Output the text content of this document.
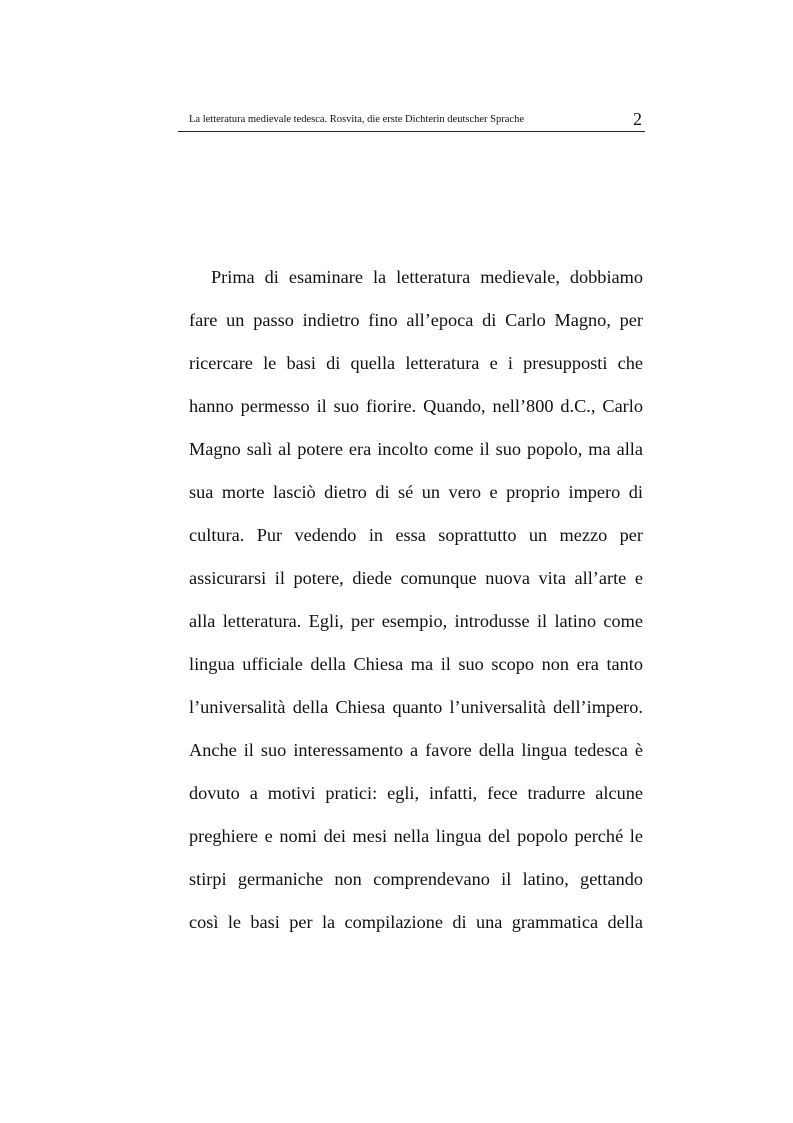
La letteratura medievale tedesca. Rosvita, die erste Dichterin deutscher Sprache	2
Prima di esaminare la letteratura medievale, dobbiamo
fare un passo indietro fino all’epoca di Carlo Magno, per
ricercare le basi di quella letteratura e i presupposti che
hanno permesso il suo fiorire. Quando, nell’800 d.C., Carlo
Magno salì al potere era incolto come il suo popolo, ma alla
sua morte lasciò dietro di sé un vero e proprio impero di
cultura. Pur vedendo in essa soprattutto un mezzo per
assicurarsi il potere, diede comunque nuova vita all’arte e
alla letteratura. Egli, per esempio, introdusse il latino come
lingua ufficiale della Chiesa ma il suo scopo non era tanto
l’universalità della Chiesa quanto l’universalità dell’impero.
Anche il suo interessamento a favore della lingua tedesca è
dovuto a motivi pratici: egli, infatti, fece tradurre alcune
preghiere e nomi dei mesi nella lingua del popolo perché le
stirpi germaniche non comprendevano il latino, gettando
così le basi per la compilazione di una grammatica della
